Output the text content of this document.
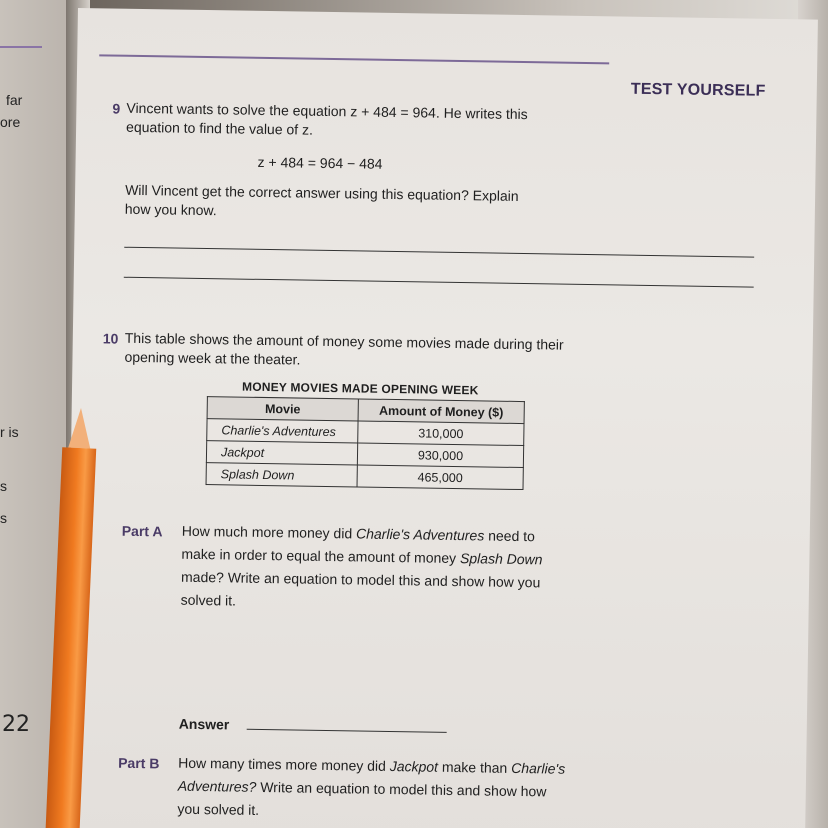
far
ore
r is
s
s
22
TEST YOURSELF
9 Vincent wants to solve the equation z + 484 = 964. He writes this
equation to find the value of z.
z + 484 = 964 − 484
Will Vincent get the correct answer using this equation? Explain
how you know.
10 This table shows the amount of money some movies made during their
opening week at the theater.
MONEY MOVIES MADE OPENING WEEK
Movie	Amount of Money ($)
Charlie's Adventures	310,000
Jackpot	930,000
Splash Down	465,000
Part A How much more money did Charlie's Adventures need to
make in order to equal the amount of money Splash Down
made? Write an equation to model this and show how you
solved it.
Answer
Part B How many times more money did Jackpot make than Charlie's
Adventures? Write an equation to model this and show how
you solved it.
